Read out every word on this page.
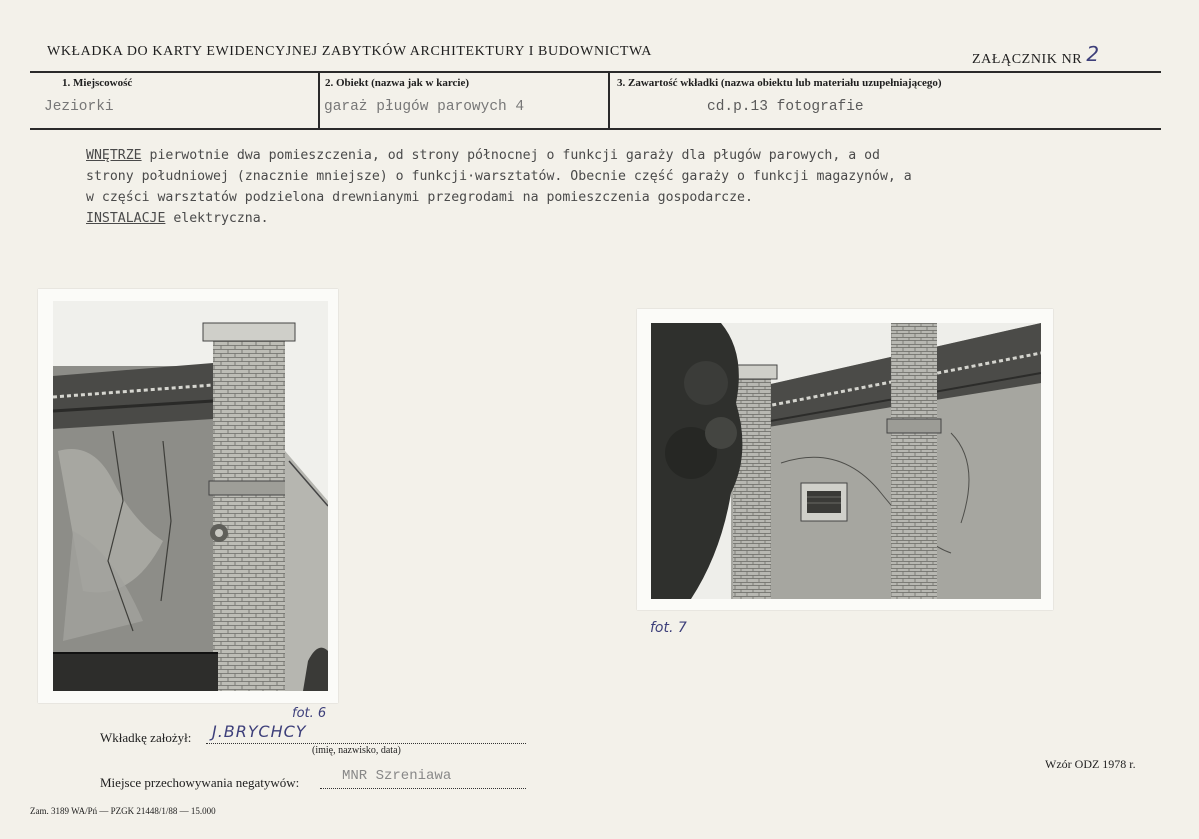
WKŁADKA DO KARTY EWIDENCYJNEJ ZABYTKÓW ARCHITEKTURY I BUDOWNICTWA
ZAŁĄCZNIK NR 2
1. Miejscowość
Jeziorki
2. Obiekt (nazwa jak w karcie)
garaż pługów parowych 4
3. Zawartość wkładki (nazwa obiektu lub materiału uzupełniającego)
cd.p.13 fotografie
WNĘTRZE pierwotnie dwa pomieszczenia, od strony północnej o funkcji garaży dla pługów parowych, a od
strony południowej (znacznie mniejsze) o funkcji·warsztatów. Obecnie część garaży o funkcji magazynów, a
w części warsztatów podzielona drewnianymi przegrodami na pomieszczenia gospodarcze.
INSTALACJE elektryczna.
fot. 7
fot. 6
Wkładkę założył: J.BRYCHCY
(imię, nazwisko, data)
Miejsce przechowywania negatywów:	MNR Szreniawa
Wzór ODZ 1978 r.
Zam. 3189 WA/Pń — PZGK 21448/1/88 — 15.000
